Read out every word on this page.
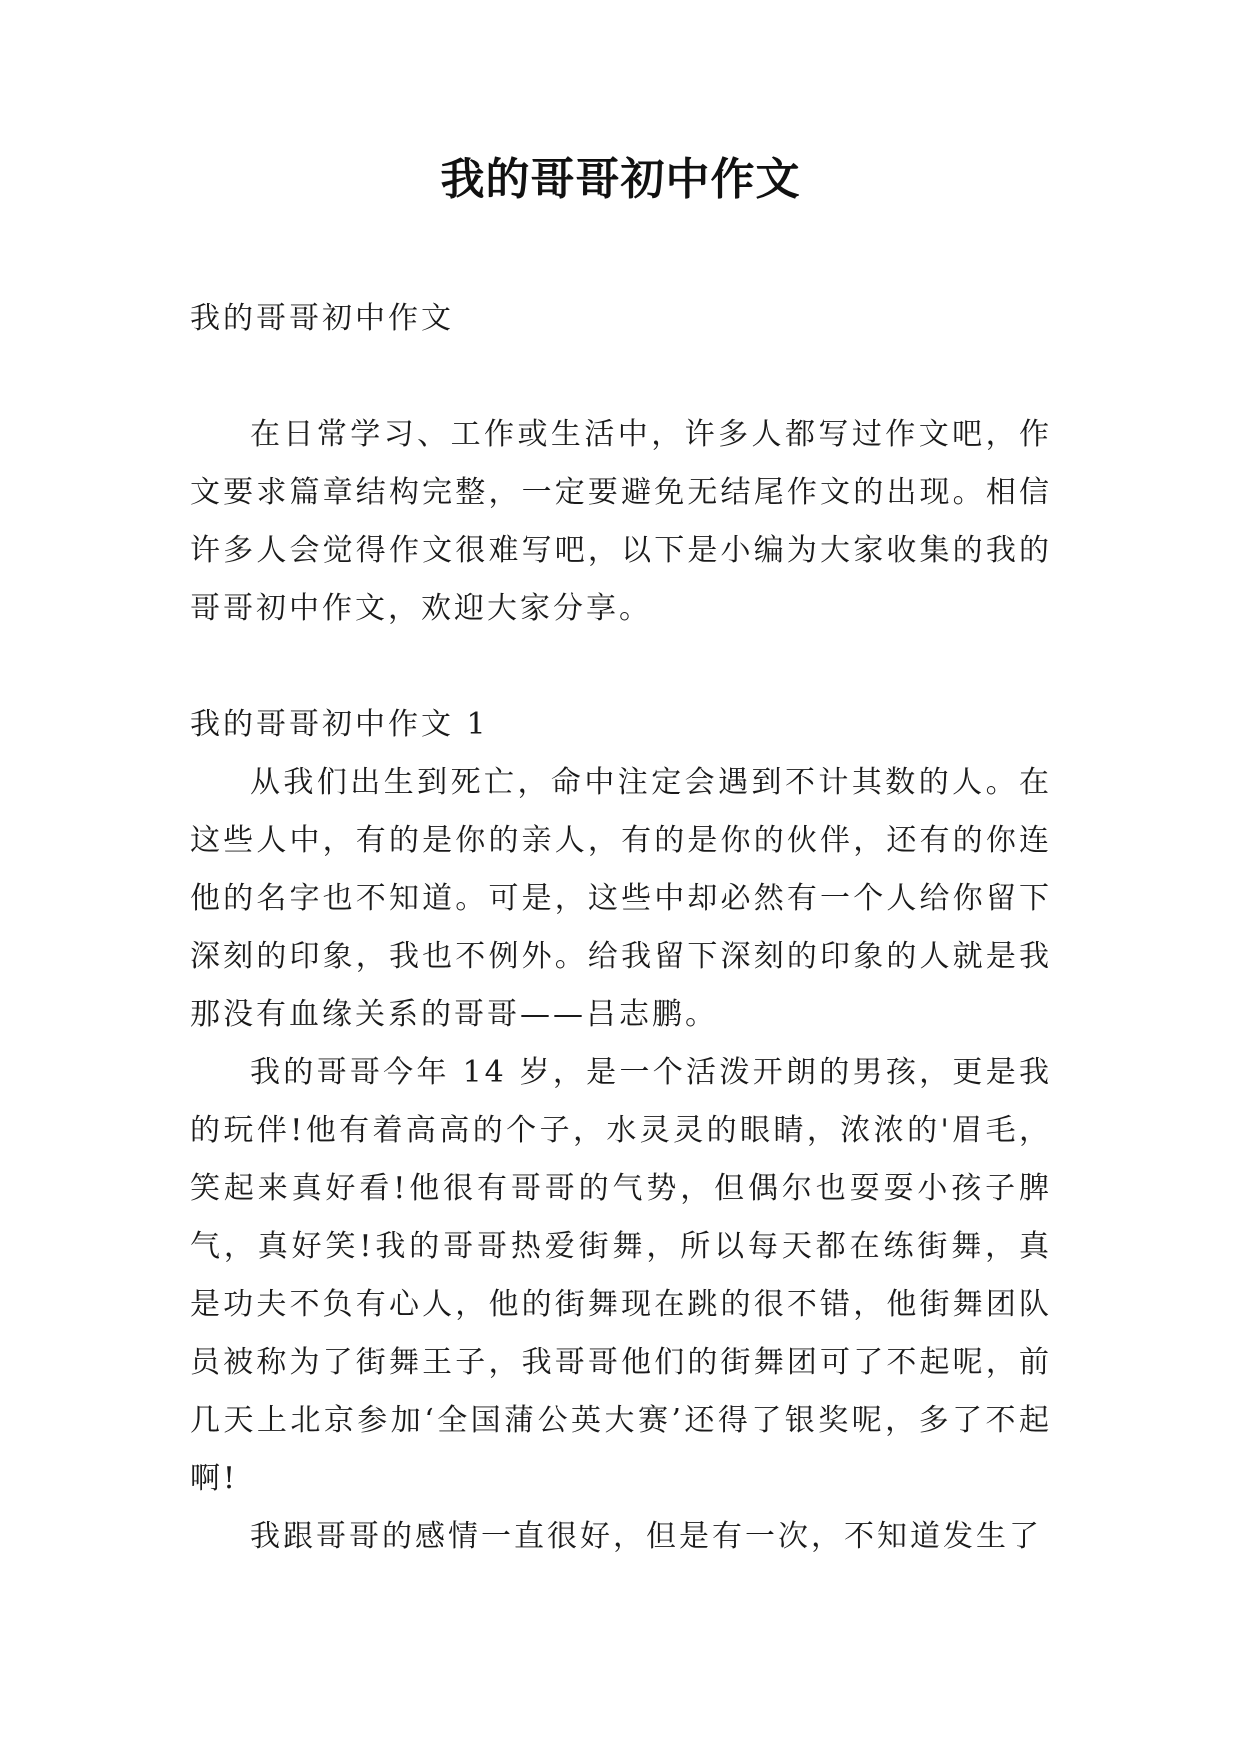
我的哥哥初中作文

我的哥哥初中作文

在日常学习、工作或生活中，许多人都写过作文吧，作文要求篇章结构完整，一定要避免无结尾作文的出现。相信许多人会觉得作文很难写吧，以下是小编为大家收集的我的哥哥初中作文，欢迎大家分享。

我的哥哥初中作文 1

从我们出生到死亡，命中注定会遇到不计其数的人。在这些人中，有的是你的亲人，有的是你的伙伴，还有的你连他的名字也不知道。可是，这些中却必然有一个人给你留下深刻的印象，我也不例外。给我留下深刻的印象的人就是我那没有血缘关系的哥哥——吕志鹏。

我的哥哥今年 14 岁，是一个活泼开朗的男孩，更是我的玩伴!他有着高高的个子，水灵灵的眼睛，浓浓的'眉毛，笑起来真好看!他很有哥哥的气势，但偶尔也耍耍小孩子脾气，真好笑!我的哥哥热爱街舞，所以每天都在练街舞，真是功夫不负有心人，他的街舞现在跳的很不错，他街舞团队员被称为了街舞王子，我哥哥他们的街舞团可了不起呢，前几天上北京参加‘全国蒲公英大赛’还得了银奖呢，多了不起啊!

我跟哥哥的感情一直很好，但是有一次，不知道发生了
